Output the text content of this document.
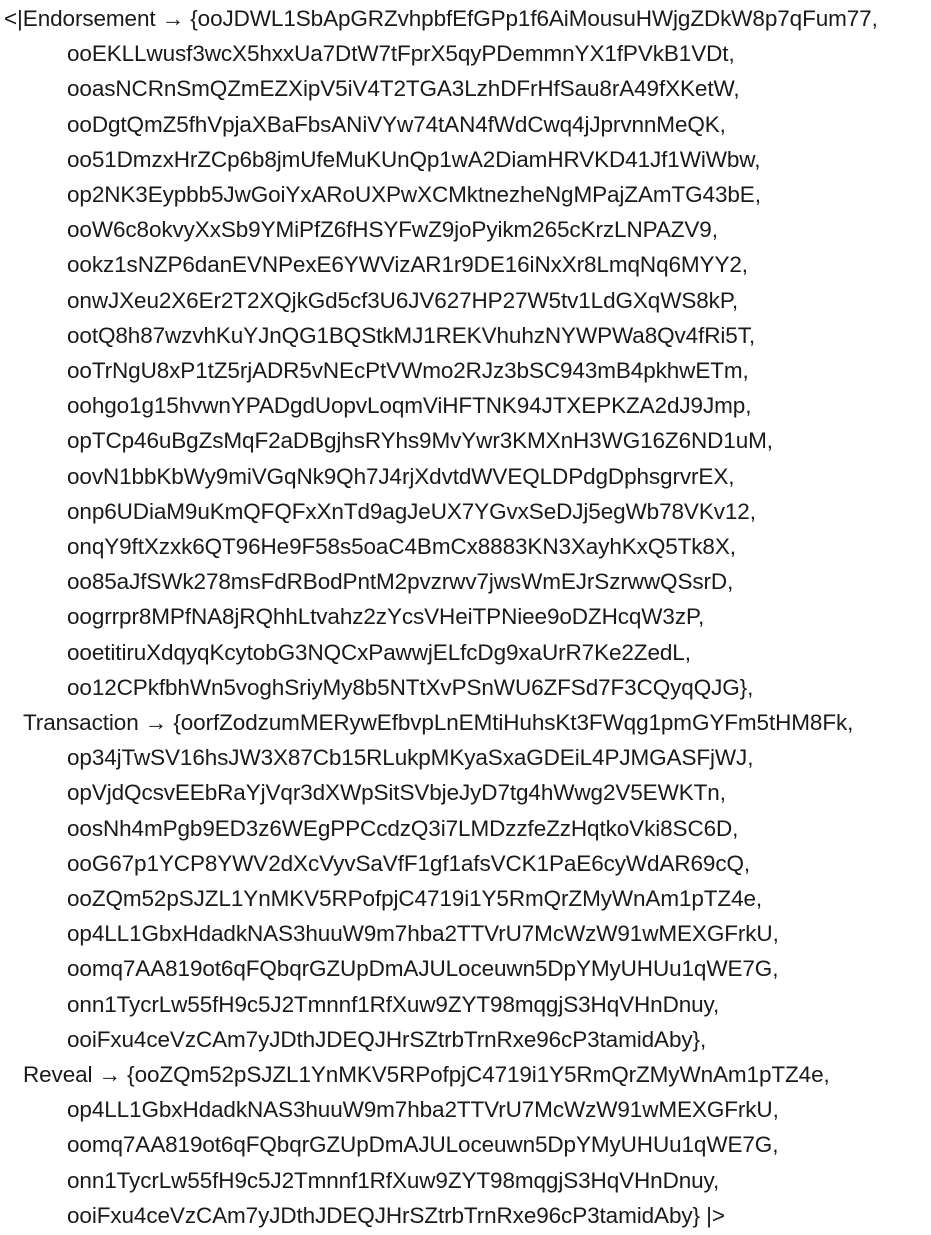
<|Endorsement → {ooJDWL1SbApGRZvhpbfEfGPp1f6AiMousuHWjgZDkW8p7qFum77,
ooEKLLwusf3wcX5hxxUa7DtW7tFprX5qyPDemmnYX1fPVkB1VDt,
ooasNCRnSmQZmEZXipV5iV4T2TGA3LzhDFrHfSau8rA49fXKetW,
ooDgtQmZ5fhVpjaXBaFbsANiVYw74tAN4fWdCwq4jJprvnnMeQK,
oo51DmzxHrZCp6b8jmUfeMuKUnQp1wA2DiamHRVKD41Jf1WiWbw,
op2NK3Eypbb5JwGoiYxARoUXPwXCMktnezheNgMPajZAmTG43bE,
ooW6c8okvyXxSb9YMiPfZ6fHSYFwZ9joPyikm265cKrzLNPAZV9,
ookz1sNZP6danEVNPexE6YWVizAR1r9DE16iNxXr8LmqNq6MYY2,
onwJXeu2X6Er2T2XQjkGd5cf3U6JV627HP27W5tv1LdGXqWS8kP,
ootQ8h87wzvhKuYJnQG1BQStkMJ1REKVhuhzNYWPWa8Qv4fRi5T,
ooTrNgU8xP1tZ5rjADR5vNEcPtVWmo2RJz3bSC943mB4pkhwETm,
oohgo1g15hvwnYPADgdUopvLoqmViHFTNK94JTXEPKZA2dJ9Jmp,
opTCp46uBgZsMqF2aDBgjhsRYhs9MvYwr3KMXnH3WG16Z6ND1uM,
oovN1bbKbWy9miVGqNk9Qh7J4rjXdvtdWVEQLDPdgDphsgrvrEX,
onp6UDiaM9uKmQFQFxXnTd9agJeUX7YGvxSeDJj5egWb78VKv12,
onqY9ftXzxk6QT96He9F58s5oaC4BmCx8883KN3XayhKxQ5Tk8X,
oo85aJfSWk278msFdRBodPntM2pvzrwv7jwsWmEJrSzrwwQSsrD,
oogrrpr8MPfNA8jRQhhLtvahz2zYcsVHeiTPNiee9oDZHcqW3zP,
ooetitiruXdqyqKcytobG3NQCxPawwjELfcDg9xaUrR7Ke2ZedL,
oo12CPkfbhWn5voghSriyMy8b5NTtXvPSnWU6ZFSd7F3CQyqQJG},
Transaction → {oorfZodzumMERywEfbvpLnEMtiHuhsKt3FWqg1pmGYFm5tHM8Fk,
op34jTwSV16hsJW3X87Cb15RLukpMKyaSxaGDEiL4PJMGASFjWJ,
opVjdQcsvEEbRaYjVqr3dXWpSitSVbjeJyD7tg4hWwg2V5EWKTn,
oosNh4mPgb9ED3z6WEgPPCcdzQ3i7LMDzzfeZzHqtkoVki8SC6D,
ooG67p1YCP8YWV2dXcVyvSaVfF1gf1afsVCK1PaE6cyWdAR69cQ,
ooZQm52pSJZL1YnMKV5RPofpjC4719i1Y5RmQrZMyWnAm1pTZ4e,
op4LL1GbxHdadkNAS3huuW9m7hba2TTVrU7McWzW91wMEXGFrkU,
oomq7AA819ot6qFQbqrGZUpDmAJULoceuwn5DpYMyUHUu1qWE7G,
onn1TycrLw55fH9c5J2Tmnnf1RfXuw9ZYT98mqgjS3HqVHnDnuy,
ooiFxu4ceVzCAm7yJDthJDEQJHrSZtrbTrnRxe96cP3tamidAby},
Reveal → {ooZQm52pSJZL1YnMKV5RPofpjC4719i1Y5RmQrZMyWnAm1pTZ4e,
op4LL1GbxHdadkNAS3huuW9m7hba2TTVrU7McWzW91wMEXGFrkU,
oomq7AA819ot6qFQbqrGZUpDmAJULoceuwn5DpYMyUHUu1qWE7G,
onn1TycrLw55fH9c5J2Tmnnf1RfXuw9ZYT98mqgjS3HqVHnDnuy,
ooiFxu4ceVzCAm7yJDthJDEQJHrSZtrbTrnRxe96cP3tamidAby} |>
